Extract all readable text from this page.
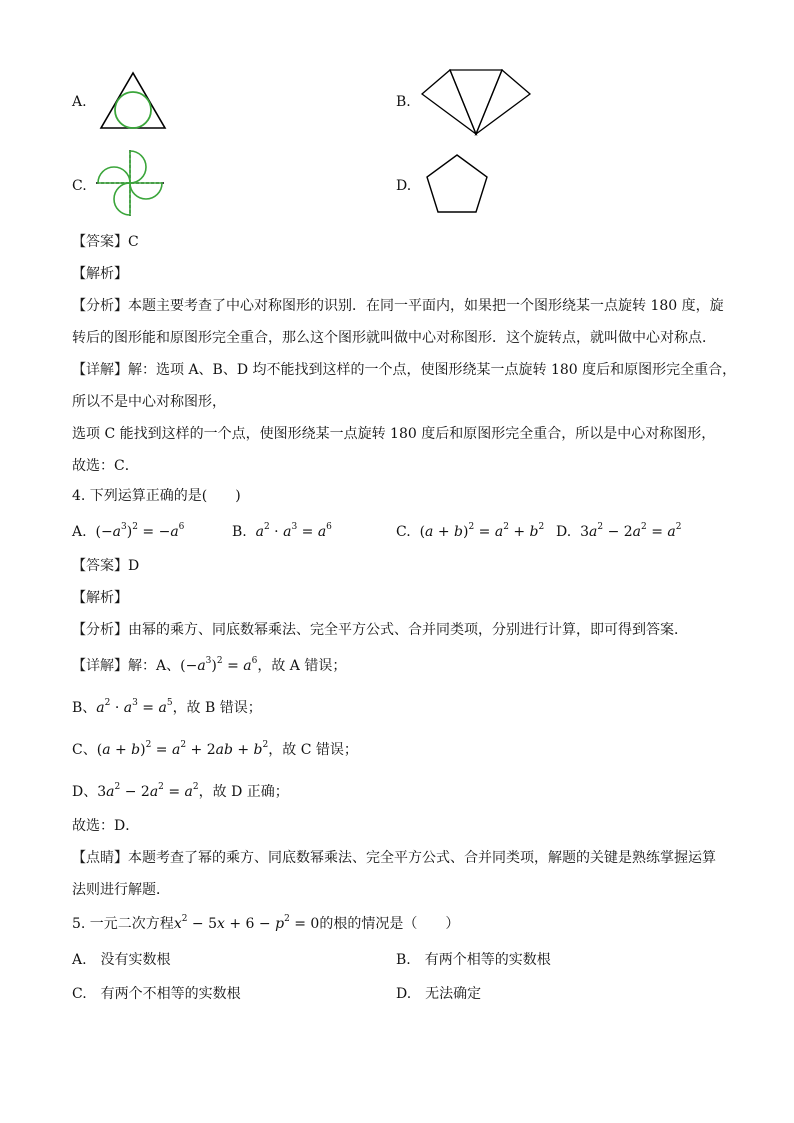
A.	B.
C.	D.
【答案】C
【解析】
【分析】本题主要考查了中心对称图形的识别．在同一平面内，如果把一个图形绕某一点旋转 180 度，旋
转后的图形能和原图形完全重合，那么这个图形就叫做中心对称图形．这个旋转点，就叫做中心对称点．
【详解】解：选项 A、B、D 均不能找到这样的一个点，使图形绕某一点旋转 180 度后和原图形完全重合，
所以不是中心对称图形，
选项 C 能找到这样的一个点，使图形绕某一点旋转 180 度后和原图形完全重合，所以是中心对称图形，
故选：C．
4. 下列运算正确的是(　　)
A. $(-a^3)^2 = -a^6$	B.  $a^2 \cdot a^3 = a^6$	C. $(a + b)^2 = a^2 + b^2$ D. $3a^2 - 2a^2 = a^2$
【答案】D
【解析】
【分析】由幂的乘方、同底数幂乘法、完全平方公式、合并同类项，分别进行计算，即可得到答案．
【详解】解：A、$(-a^3)^2 = a^6$，故 A 错误；
B、$a^2 \cdot a^3 = a^5$，故 B 错误；
C、$(a + b)^2 = a^2 + 2ab + b^2$，故 C 错误；
D、$3a^2 - 2a^2 = a^2$，故 D 正确；
故选：D．
【点睛】本题考查了幂的乘方、同底数幂乘法、完全平方公式、合并同类项，解题的关键是熟练掌握运算
法则进行解题．
5. 一元二次方程$x^2 - 5x + 6 - p^2 = 0$的根的情况是（　　）
A.　没有实数根	B.　有两个相等的实数根
C.　有两个不相等的实数根	D.　无法确定
